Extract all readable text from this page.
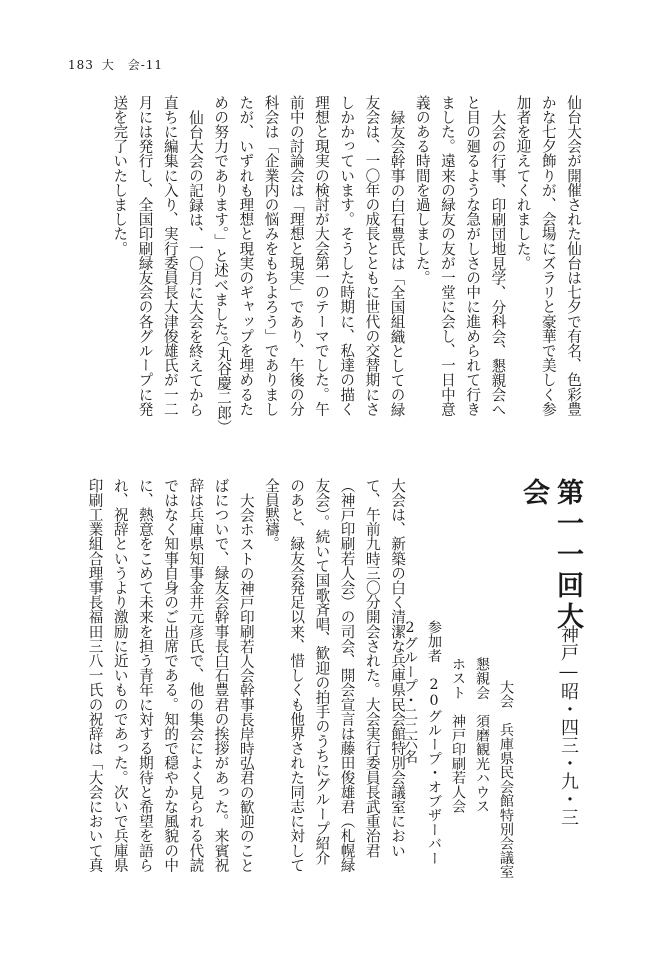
183 大　会-11

仙台大会が開催された仙台は七夕で有名、色彩豊かな七夕飾りが、会場にズラリと豪華で美しく参加者を迎えてくれました。

大会の行事、印刷団地見学、分科会、懇親会へと目の廻るような急がしさの中に進められて行きました。遠来の緑友の友が一堂に会し、一日中意義のある時間を過しました。

緑友会幹事の白石豊氏は「全国組織としての緑友会は、一〇年の成長とともに世代の交替期にさしかかっています。そうした時期に、私達の描く理想と現実の検討が大会第一のテーマでした。午前中の討論会は「理想と現実」であり、午後の分科会は「企業内の悩みをもちよろう」でありましたが、いずれも理想と現実のギャップを埋めるための努力であります。」と述べました。

仙台大会の記録は、一〇月に大会を終えてから直ちに編集に入り、実行委員長大津俊雄氏が一二月には発行し、全国印刷緑友会の各グループに発送を完了いたしました。

（丸谷慶二郎）
第一一回大会
神戸―昭・四三・九・三
大会　兵庫県民会館特別会議室
懇親会　須磨観光ハウス
ホスト　神戸印刷若人会
参加者　20グループ・オブザーバー2グループ・二二六名

大会は、新築の白く清潔な兵庫県民会館特別会議室において、午前九時三〇分開会された。大会実行委員長武重治君（神戸印刷若人会）の司会、開会宣言は藤田俊雄君（札幌緑友会）。続いて国歌斉唱、歓迎の拍手のうちにグループ紹介のあと、緑友会発足以来、惜しくも他界された同志に対して全員黙禱。

大会ホストの神戸印刷若人会幹事長岸時弘君の歓迎のことばについで、緑友会幹事長白石豊君の挨拶があった。来賓祝辞は兵庫県知事金井元彦氏で、他の集会によく見られる代読ではなく知事自身のご出席である。知的で穏やかな風貌の中に、熱意をこめて未来を担う青年に対する期待と希望を語られ、祝辞というより激励に近いものであった。次いで兵庫県印刷工業組合理事長福田三八一氏の祝辞は「大会において真
